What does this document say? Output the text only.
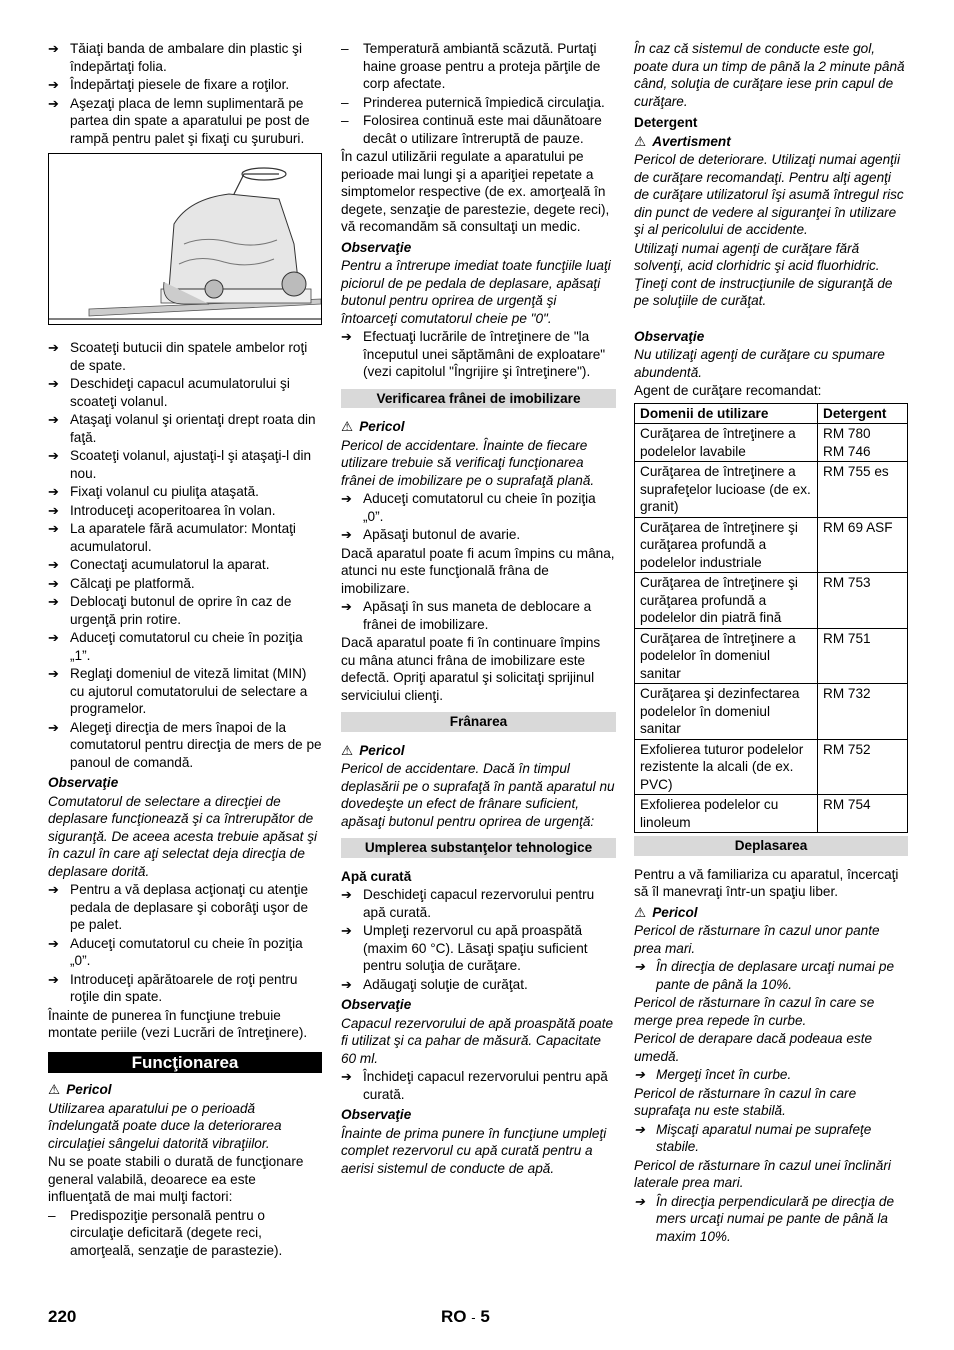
➔ Tăiaţi banda de ambalare din plastic şi îndepărtaţi folia.

➔ Îndepărtaţi piesele de fixare a roţilor.

➔ Aşezaţi placa de lemn suplimentară pe partea din spate a aparatului pe post de rampă pentru palet şi fixaţi cu şuruburi.

➔ Scoateţi butucii din spatele ambelor roţi de spate.

➔ Deschideţi capacul acumulatorului şi scoateţi volanul.

➔ Ataşaţi volanul şi orientaţi drept roata din faţă.

➔ Scoateţi volanul, ajustaţi-l şi ataşaţi-l din nou.

➔ Fixaţi volanul cu piuliţa ataşată.

➔ Introduceţi acoperitoarea în volan.

➔ La aparatele fără acumulator: Montaţi acumulatorul.

➔ Conectaţi acumulatorul la aparat.

➔ Călcaţi pe platformă.

➔ Deblocaţi butonul de oprire în caz de urgenţă prin rotire.

➔ Aduceţi comutatorul cu cheie în poziţia „1”.

➔ Reglaţi domeniul de viteză limitat (MIN) cu ajutorul comutatorului de selectare a programelor.

➔ Alegeţi direcţia de mers înapoi de la comutatorul pentru direcţia de mers de pe panoul de comandă.

Observaţie

Comutatorul de selectare a direcţiei de deplasare funcţionează şi ca întrerupător de siguranţă. De aceea acesta trebuie apăsat şi în cazul în care aţi selectat deja direcţia de deplasare dorită.

➔ Pentru a vă deplasa acţionaţi cu atenţie pedala de deplasare şi coborâţi uşor de pe palet.

➔ Aduceţi comutatorul cu cheie în poziţia „0”.

➔ Introduceţi apărătoarele de roţi pentru roţile din spate.

Înainte de punerea în funcţiune trebuie montate periile (vezi Lucrări de întreţinere).

Funcţionarea

⚠ Pericol

Utilizarea aparatului pe o perioadă îndelungată poate duce la deteriorarea circulaţiei sângelui datorită vibraţiilor.

Nu se poate stabili o durată de funcţionare general valabilă, deoarece ea este influenţată de mai mulţi factori:

– Predispoziţie personală pentru o circulaţie deficitară (degete reci, amorţeală, senzaţie de parastezie).

– Temperatură ambiantă scăzută. Purtaţi haine groase pentru a proteja părţile de corp afectate.

– Prinderea puternică împiedică circulaţia.

– Folosirea continuă este mai dăunătoare decât o utilizare întreruptă de pauze.

În cazul utilizării regulate a aparatului pe perioade mai lungi şi a apariţiei repetate a simptomelor respective (de ex. amorţeală în degete, senzaţie de parestezie, degete reci), vă recomandăm să consultaţi un medic.

Observaţie

Pentru a întrerupe imediat toate funcţiile luaţi piciorul de pe pedala de deplasare, apăsaţi butonul pentru oprirea de urgenţă şi întoarceţi comutatorul cheie pe "0".

➔ Efectuaţi lucrările de întreţinere de "la începutul unei săptămâni de exploatare" (vezi capitolul "Îngrijire şi întreţinere").

Verificarea frânei de imobilizare

⚠ Pericol

Pericol de accidentare. Înainte de fiecare utilizare trebuie să verificaţi funcţionarea frânei de imobilizare pe o suprafaţă plană.

➔ Aduceţi comutatorul cu cheie în poziţia „0”.

➔ Apăsaţi butonul de avarie.

Dacă aparatul poate fi acum împins cu mâna, atunci nu este funcţională frâna de imobilizare.

➔ Apăsaţi în sus maneta de deblocare a frânei de imobilizare.

Dacă aparatul poate fi în continuare împins cu mâna atunci frâna de imobilizare este defectă. Opriţi aparatul şi solicitaţi sprijinul serviciului clienţi.

Frânarea

⚠ Pericol

Pericol de accidentare. Dacă în timpul deplasării pe o suprafaţă în pantă aparatul nu dovedeşte un efect de frânare suficient, apăsaţi butonul pentru oprirea de urgenţă:

Umplerea substanţelor tehnologice

Apă curată

➔ Deschideţi capacul rezervorului pentru apă curată.

➔ Umpleţi rezervorul cu apă proaspătă (maxim 60 °C). Lăsaţi spaţiu suficient pentru soluţia de curăţare.

➔ Adăugaţi soluţie de curăţat.

Observaţie

Capacul rezervorului de apă proaspătă poate fi utilizat şi ca pahar de măsură. Capacitate 60 ml.

➔ Închideţi capacul rezervorului pentru apă curată.

Observaţie

Înainte de prima punere în funcţiune umpleţi complet rezervorul cu apă curată pentru a aerisi sistemul de conducte de apă.

În caz că sistemul de conducte este gol, poate dura un timp de până la 2 minute până când, soluţia de curăţare iese prin capul de curăţare.

Detergent

⚠ Avertisment

Pericol de deteriorare. Utilizaţi numai agenţii de curăţare recomandaţi. Pentru alţi agenţi de curăţare utilizatorul îşi asumă întregul risc din punct de vedere al siguranţei în utilizare şi al pericolului de accidente.

Utilizaţi numai agenţi de curăţare fără solvenţi, acid clorhidric şi acid fluorhidric. Ţineţi cont de instrucţiunile de siguranţă de pe soluţiile de curăţat.

Observaţie

Nu utilizaţi agenţi de curăţare cu spumare abundentă.

Agent de curăţare recomandat:

Domenii de utilizare	Detergent
Curăţarea de întreţinere a podelelor lavabile	RM 780
RM 746
Curăţarea de întreţinere a suprafeţelor lucioase (de ex. granit)	RM 755 es
Curăţarea de întreţinere şi curăţarea profundă a podelelor industriale	RM 69 ASF
Curăţarea de întreţinere şi curăţarea profundă a podelelor din piatră fină	RM 753
Curăţarea de întreţinere a podelelor în domeniul sanitar	RM 751
Curăţarea şi dezinfectarea podelelor în domeniul sanitar	RM 732
Exfolierea tuturor podelelor rezistente la alcali (de ex. PVC)	RM 752
Exfolierea podelelor cu linoleum	RM 754
Deplasarea

Pentru a vă familiariza cu aparatul, încercaţi să îl manevraţi într-un spaţiu liber.

⚠ Pericol

Pericol de răsturnare în cazul unor pante prea mari.

➔ În direcţia de deplasare urcaţi numai pe pante de până la 10%.

Pericol de răsturnare în cazul în care se merge prea repede în curbe.

Pericol de derapare dacă podeaua este umedă.

➔ Mergeţi încet în curbe.

Pericol de răsturnare în cazul în care suprafaţa nu este stabilă.

➔ Mişcaţi aparatul numai pe suprafeţe stabile.

Pericol de răsturnare în cazul unei înclinări laterale prea mari.

➔ În direcţia perpendiculară pe direcţia de mers urcaţi numai pe pante de până la maxim 10%.

220	RO - 5
